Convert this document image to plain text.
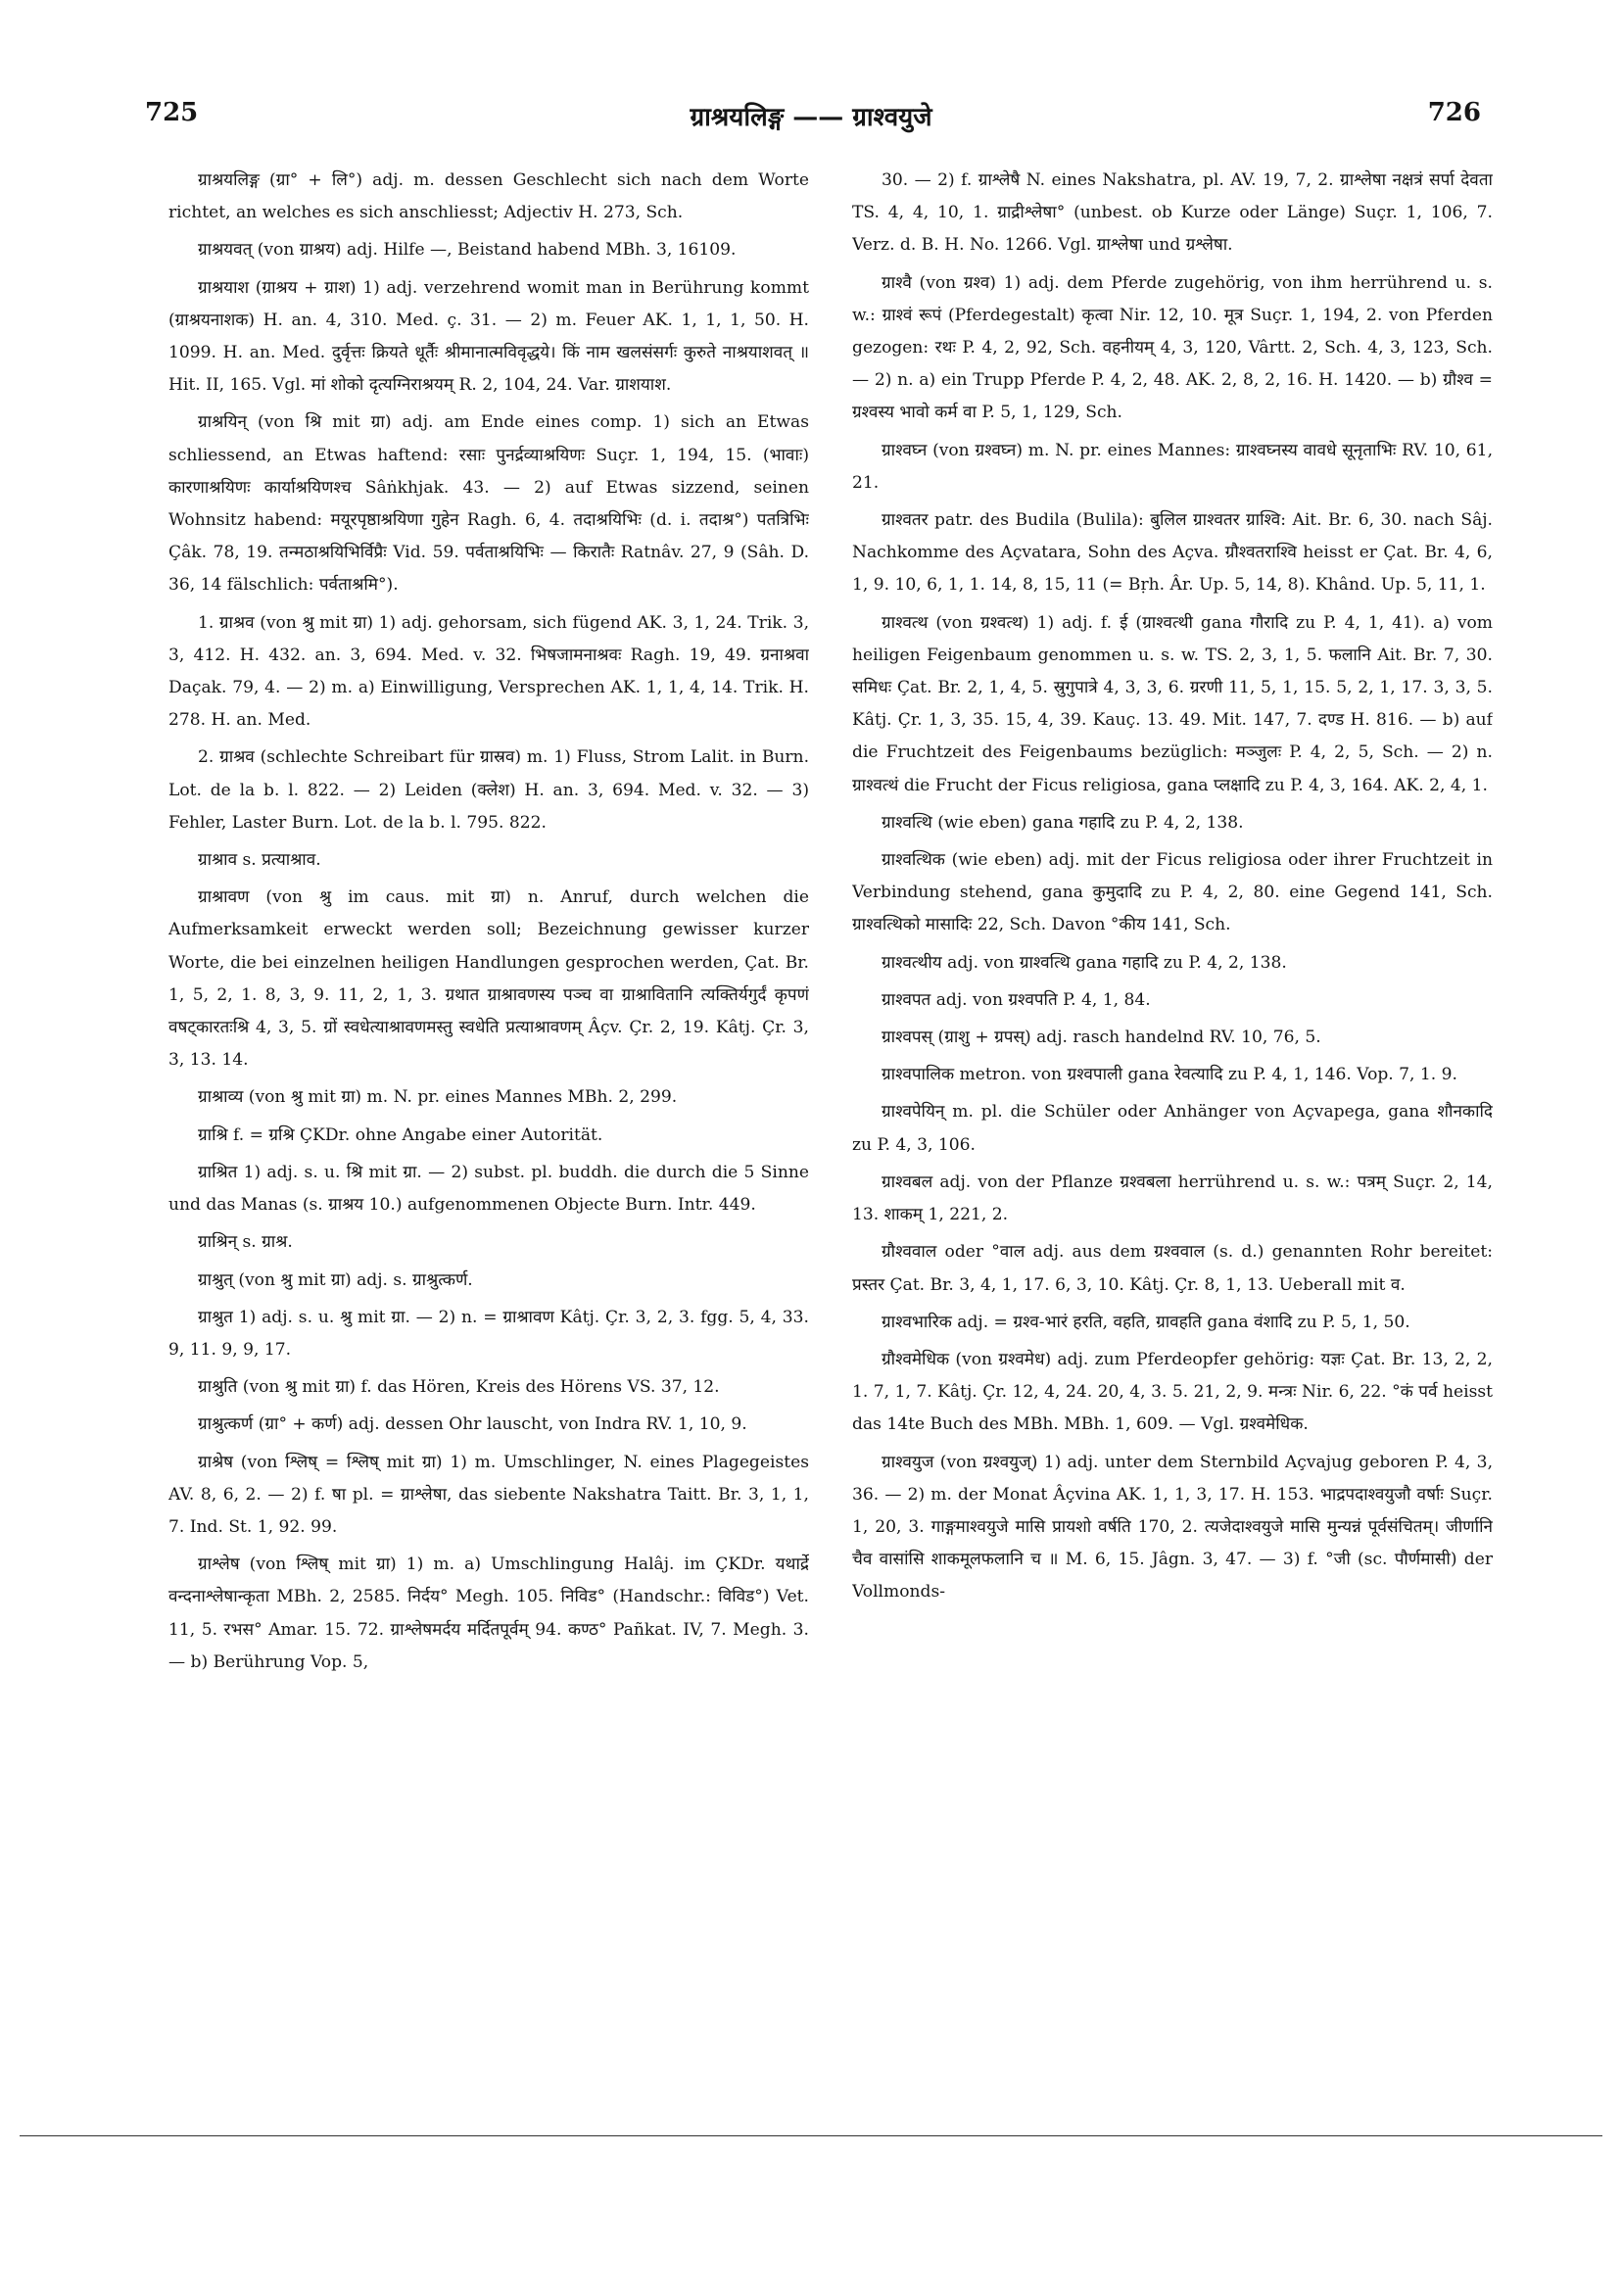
725	ग्राश्रयलिङ्ग —— ग्राश्वयुजे	726

ग्राश्रयलिङ्ग (ग्रा° + लि°) adj. m. dessen Geschlecht sich nach dem Worte richtet, an welches es sich anschliesst; Adjectiv H. 273, Sch.

ग्राश्रयवत् (von ग्राश्रय) adj. Hilfe —, Beistand habend MBh. 3, 16109.

ग्राश्रयाश (ग्राश्रय + ग्राश) 1) adj. verzehrend womit man in Berührung kommt (ग्राश्रयनाशक) H. an. 4, 310. Med. ç. 31. — 2) m. Feuer AK. 1, 1, 1, 50. H. 1099. H. an. Med. दुर्वृत्तः क्रियते धूर्तैः श्रीमानात्मविवृद्धये। किं नाम खलसंसर्गः कुरुते नाश्रयाशवत् ॥ Hit. II, 165. Vgl. मां शोको दृत्यग्निराश्रयम् R. 2, 104, 24. Var. ग्राशयाश.

ग्राश्रयिन् (von श्रि mit ग्रा) adj. am Ende eines comp. 1) sich an Etwas schliessend, an Etwas haftend: रसाः पुनर्द्रव्याश्रयिणः Suçr. 1, 194, 15. (भावाः) कारणाश्रयिणः कार्याश्रयिणश्च Sâṅkhjak. 43. — 2) auf Etwas sizzend, seinen Wohnsitz habend: मयूरपृष्ठाश्रयिणा गुहेन Ragh. 6, 4. तदाश्रयिभिः (d. i. तदाश्र°) पतत्रिभिः Çâk. 78, 19. तन्मठाश्रयिभिर्विप्रैः Vid. 59. पर्वताश्रयिभिः — किरातैः Ratnâv. 27, 9 (Sâh. D. 36, 14 fälschlich: पर्वताश्रमि°).

1. ग्राश्रव (von श्रु mit ग्रा) 1) adj. gehorsam, sich fügend AK. 3, 1, 24. Trik. 3, 3, 412. H. 432. an. 3, 694. Med. v. 32. भिषजामनाश्रवः Ragh. 19, 49. ग्रनाश्रवा Daçak. 79, 4. — 2) m. a) Einwilligung, Versprechen AK. 1, 1, 4, 14. Trik. H. 278. H. an. Med.

2. ग्राश्रव (schlechte Schreibart für ग्रास्रव) m. 1) Fluss, Strom Lalit. in Burn. Lot. de la b. l. 822. — 2) Leiden (क्लेश) H. an. 3, 694. Med. v. 32. — 3) Fehler, Laster Burn. Lot. de la b. l. 795. 822.

ग्राश्राव s. प्रत्याश्राव.

ग्राश्रावण (von श्रु im caus. mit ग्रा) n. Anruf, durch welchen die Aufmerksamkeit erweckt werden soll; Bezeichnung gewisser kurzer Worte, die bei einzelnen heiligen Handlungen gesprochen werden, Çat. Br. 1, 5, 2, 1. 8, 3, 9. 11, 2, 1, 3. ग्रथात ग्राश्रावणस्य पञ्च वा ग्राश्रावितानि त्यक्तिर्यगुर्दं कृपणं वषट्कारतःश्रि 4, 3, 5. ग्रों स्वधेत्याश्रावणमस्तु स्वधेति प्रत्याश्रावणम् Âçv. Çr. 2, 19. Kâtj. Çr. 3, 3, 13. 14.

ग्राश्राव्य (von श्रु mit ग्रा) m. N. pr. eines Mannes MBh. 2, 299.

ग्राश्रि f. = ग्रश्रि ÇKDr. ohne Angabe einer Autorität.

ग्राश्रित 1) adj. s. u. श्रि mit ग्रा. — 2) subst. pl. buddh. die durch die 5 Sinne und das Manas (s. ग्राश्रय 10.) aufgenommenen Objecte Burn. Intr. 449.

ग्राश्रिन् s. ग्राश्र.

ग्राश्रुत् (von श्रु mit ग्रा) adj. s. ग्राश्रुत्कर्ण.

ग्राश्रुत 1) adj. s. u. श्रु mit ग्रा. — 2) n. = ग्राश्रावण Kâtj. Çr. 3, 2, 3. fgg. 5, 4, 33. 9, 11. 9, 9, 17.

ग्राश्रुति (von श्रु mit ग्रा) f. das Hören, Kreis des Hörens VS. 37, 12.

ग्राश्रुत्कर्ण (ग्रा° + कर्ण) adj. dessen Ohr lauscht, von Indra RV. 1, 10, 9.

ग्राश्रेष (von श्लिष् = श्लिष् mit ग्रा) 1) m. Umschlinger, N. eines Plagegeistes AV. 8, 6, 2. — 2) f. षा pl. = ग्राश्लेषा, das siebente Nakshatra Taitt. Br. 3, 1, 1, 7. Ind. St. 1, 92. 99.

ग्राश्लेष (von श्लिष् mit ग्रा) 1) m. a) Umschlingung Halâj. im ÇKDr. यथार्द्रे वन्दनाश्लेषान्कृता MBh. 2, 2585. निर्दय° Megh. 105. निविड° (Handschr.: विविड°) Vet. 11, 5. रभस° Amar. 15. 72. ग्राश्लेषमर्दय मर्दितपूर्वम् 94. कण्ठ° Pañkat. IV, 7. Megh. 3. — b) Berührung Vop. 5,

30. — 2) f. ग्राश्लेषै N. eines Nakshatra, pl. AV. 19, 7, 2. ग्राश्लेषा नक्षत्रं सर्पा देवता TS. 4, 4, 10, 1. ग्राद्रीश्लेषा° (unbest. ob Kurze oder Länge) Suçr. 1, 106, 7. Verz. d. B. H. No. 1266. Vgl. ग्राश्लेषा und ग्रश्लेषा.

ग्राश्वै (von ग्रश्व) 1) adj. dem Pferde zugehörig, von ihm herrührend u. s. w.: ग्राश्वं रूपं (Pferdegestalt) कृत्वा Nir. 12, 10. मूत्र Suçr. 1, 194, 2. von Pferden gezogen: रथः P. 4, 2, 92, Sch. वहनीयम् 4, 3, 120, Vârtt. 2, Sch. 4, 3, 123, Sch. — 2) n. a) ein Trupp Pferde P. 4, 2, 48. AK. 2, 8, 2, 16. H. 1420. — b) ग्रौश्व = ग्रश्वस्य भावो कर्म वा P. 5, 1, 129, Sch.

ग्राश्वघ्न (von ग्रश्वघ्न) m. N. pr. eines Mannes: ग्राश्वघ्नस्य वावधे सूनृताभिः RV. 10, 61, 21.

ग्राश्वतर patr. des Budila (Bulila): बुलिल ग्राश्वतर ग्राश्वि: Ait. Br. 6, 30. nach Sâj. Nachkomme des Açvatara, Sohn des Açva. ग्रौश्वतराश्वि heisst er Çat. Br. 4, 6, 1, 9. 10, 6, 1, 1. 14, 8, 15, 11 (= Bṛh. Âr. Up. 5, 14, 8). Khând. Up. 5, 11, 1.

ग्राश्वत्थ (von ग्रश्वत्थ) 1) adj. f. ई (ग्राश्वत्थी gana गौरादि zu P. 4, 1, 41). a) vom heiligen Feigenbaum genommen u. s. w. TS. 2, 3, 1, 5. फलानि Ait. Br. 7, 30. समिधः Çat. Br. 2, 1, 4, 5. स्रुगुपात्रे 4, 3, 3, 6. ग्ररणी 11, 5, 1, 15. 5, 2, 1, 17. 3, 3, 5. Kâtj. Çr. 1, 3, 35. 15, 4, 39. Kauç. 13. 49. Mit. 147, 7. दण्ड H. 816. — b) auf die Fruchtzeit des Feigenbaums bezüglich: मञ्जुलः P. 4, 2, 5, Sch. — 2) n. ग्राश्वत्थं die Frucht der Ficus religiosa, gana प्लक्षादि zu P. 4, 3, 164. AK. 2, 4, 1.

ग्राश्वत्थि (wie eben) gana गहादि zu P. 4, 2, 138.

ग्राश्वत्थिक (wie eben) adj. mit der Ficus religiosa oder ihrer Fruchtzeit in Verbindung stehend, gana कुमुदादि zu P. 4, 2, 80. eine Gegend 141, Sch. ग्राश्वत्थिको मासादिः 22, Sch. Davon °कीय 141, Sch.

ग्राश्वत्थीय adj. von ग्राश्वत्थि gana गहादि zu P. 4, 2, 138.

ग्राश्वपत adj. von ग्रश्वपति P. 4, 1, 84.

ग्राश्वपस् (ग्राशु + ग्रपस्) adj. rasch handelnd RV. 10, 76, 5.

ग्राश्वपालिक metron. von ग्रश्वपाली gana रेवत्यादि zu P. 4, 1, 146. Vop. 7, 1. 9.

ग्राश्वपेयिन् m. pl. die Schüler oder Anhänger von Açvapega, gana शौनकादि zu P. 4, 3, 106.

ग्राश्वबल adj. von der Pflanze ग्रश्वबला herrührend u. s. w.: पत्रम् Suçr. 2, 14, 13. शाकम् 1, 221, 2.

ग्रौश्ववाल oder °वाल adj. aus dem ग्रश्ववाल (s. d.) genannten Rohr bereitet: प्रस्तर Çat. Br. 3, 4, 1, 17. 6, 3, 10. Kâtj. Çr. 8, 1, 13. Ueberall mit व.

ग्राश्वभारिक adj. = ग्रश्व-भारं हरति, वहति, ग्रावहति gana वंशादि zu P. 5, 1, 50.

ग्रौश्वमेधिक (von ग्रश्वमेध) adj. zum Pferdeopfer gehörig: यज्ञः Çat. Br. 13, 2, 2, 1. 7, 1, 7. Kâtj. Çr. 12, 4, 24. 20, 4, 3. 5. 21, 2, 9. मन्त्रः Nir. 6, 22. °कं पर्व heisst das 14te Buch des MBh. MBh. 1, 609. — Vgl. ग्रश्वमेधिक.

ग्राश्वयुज (von ग्रश्वयुज्) 1) adj. unter dem Sternbild Açvajug geboren P. 4, 3, 36. — 2) m. der Monat Âçvina AK. 1, 1, 3, 17. H. 153. भाद्रपदाश्वयुजौ वर्षाः Suçr. 1, 20, 3. गाङ्गमाश्वयुजे मासि प्रायशो वर्षति 170, 2. त्यजेदाश्वयुजे मासि मुन्यन्नं पूर्वसंचितम्। जीर्णानि चैव वासांसि शाकमूलफलानि च ॥ M. 6, 15. Jâgn. 3, 47. — 3) f. °जी (sc. पौर्णमासी) der Vollmonds-
